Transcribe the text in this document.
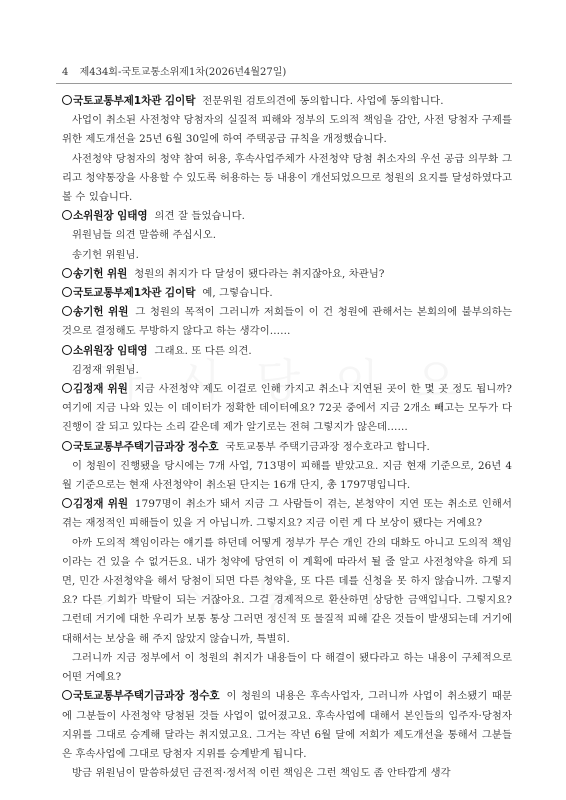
4 제434회-국토교통소위제1차(2026년4월27일)

국토교통부제1차관 김이탁 전문위원 검토의견에 동의합니다. 사업에 동의합니다.

사업이 취소된 사전청약 당첨자의 실질적 피해와 정부의 도의적 책임을 감안, 사전 당첨자 구제를 위한 제도개선을 25년 6월 30일에 하여 주택공급 규칙을 개정했습니다.

사전청약 당첨자의 청약 참여 허용, 후속사업주체가 사전청약 당첨 취소자의 우선 공급 의무화 그리고 청약통장을 사용할 수 있도록 허용하는 등 내용이 개선되었으므로 청원의 요지를 달성하였다고 볼 수 있습니다.

소위원장 임태영 의견 잘 들었습니다.

위원님들 의견 말씀해 주십시오.

송기헌 위원님.

송기헌 위원 청원의 취지가 다 달성이 됐다라는 취지잖아요, 차관님?

국토교통부제1차관 김이탁 예, 그렇습니다.

송기헌 위원 그 청원의 목적이 그러니까 저희들이 이 건 청원에 관해서는 본회의에 불부의하는 것으로 결정해도 무방하지 않다고 하는 생각이……

소위원장 임태영 그래요. 또 다른 의견.

김정재 위원님.

김정재 위원 지금 사전청약 제도 이걸로 인해 가지고 취소나 지연된 곳이 한 몇 곳 정도 됩니까? 여기에 지금 나와 있는 이 데이터가 정확한 데이터예요? 72곳 중에서 지금 2개소 빼고는 모두가 다 진행이 잘 되고 있다는 소리 같은데 제가 알기로는 전혀 그렇지가 않은데……

국토교통부주택기금과장 정수호 국토교통부 주택기금과장 정수호라고 합니다.

이 청원이 진행됐을 당시에는 7개 사업, 713명이 피해를 받았고요. 지금 현재 기준으로, 26년 4월 기준으로는 현재 사전청약이 취소된 단지는 16개 단지, 총 1797명입니다.

김정재 위원 1797명이 취소가 돼서 지금 그 사람들이 겪는, 본청약이 지연 또는 취소로 인해서 겪는 재정적인 피해들이 있을 거 아닙니까. 그렇지요? 지금 이런 게 다 보상이 됐다는 거예요?

아까 도의적 책임이라는 얘기를 하던데 어떻게 정부가 무슨 개인 간의 대화도 아니고 도의적 책임이라는 건 있을 수 없거든요. 내가 청약에 당연히 이 계획에 따라서 될 줄 알고 사전청약을 하게 되면, 민간 사전청약을 해서 당첨이 되면 다른 청약을, 또 다른 데를 신청을 못 하지 않습니까. 그렇지요? 다른 기회가 박탈이 되는 거잖아요. 그걸 경제적으로 환산하면 상당한 금액입니다. 그렇지요? 그런데 거기에 대한 우리가 보통 통상 그러면 정신적 또 물질적 피해 같은 것들이 발생되는데 거기에 대해서는 보상을 해 주지 않았지 않습니까, 특별히.

그러니까 지금 정부에서 이 청원의 취지가 내용들이 다 해결이 됐다라고 하는 내용이 구체적으로 어떤 거예요?

국토교통부주택기금과장 정수호 이 청원의 내용은 후속사업자, 그러니까 사업이 취소됐기 때문에 그분들이 사전청약 당첨된 것들 사업이 없어졌고요. 후속사업에 대해서 본인들의 입주자·당첨자 지위를 그대로 승계해 달라는 취지였고요. 그거는 작년 6월 달에 저희가 제도개선을 통해서 그분들은 후속사업에 그대로 당첨자 지위를 승계받게 됩니다.

방금 위원님이 말씀하셨던 금전적·정서적 이런 책임은 그런 책임도 좀 안타깝게 생각
